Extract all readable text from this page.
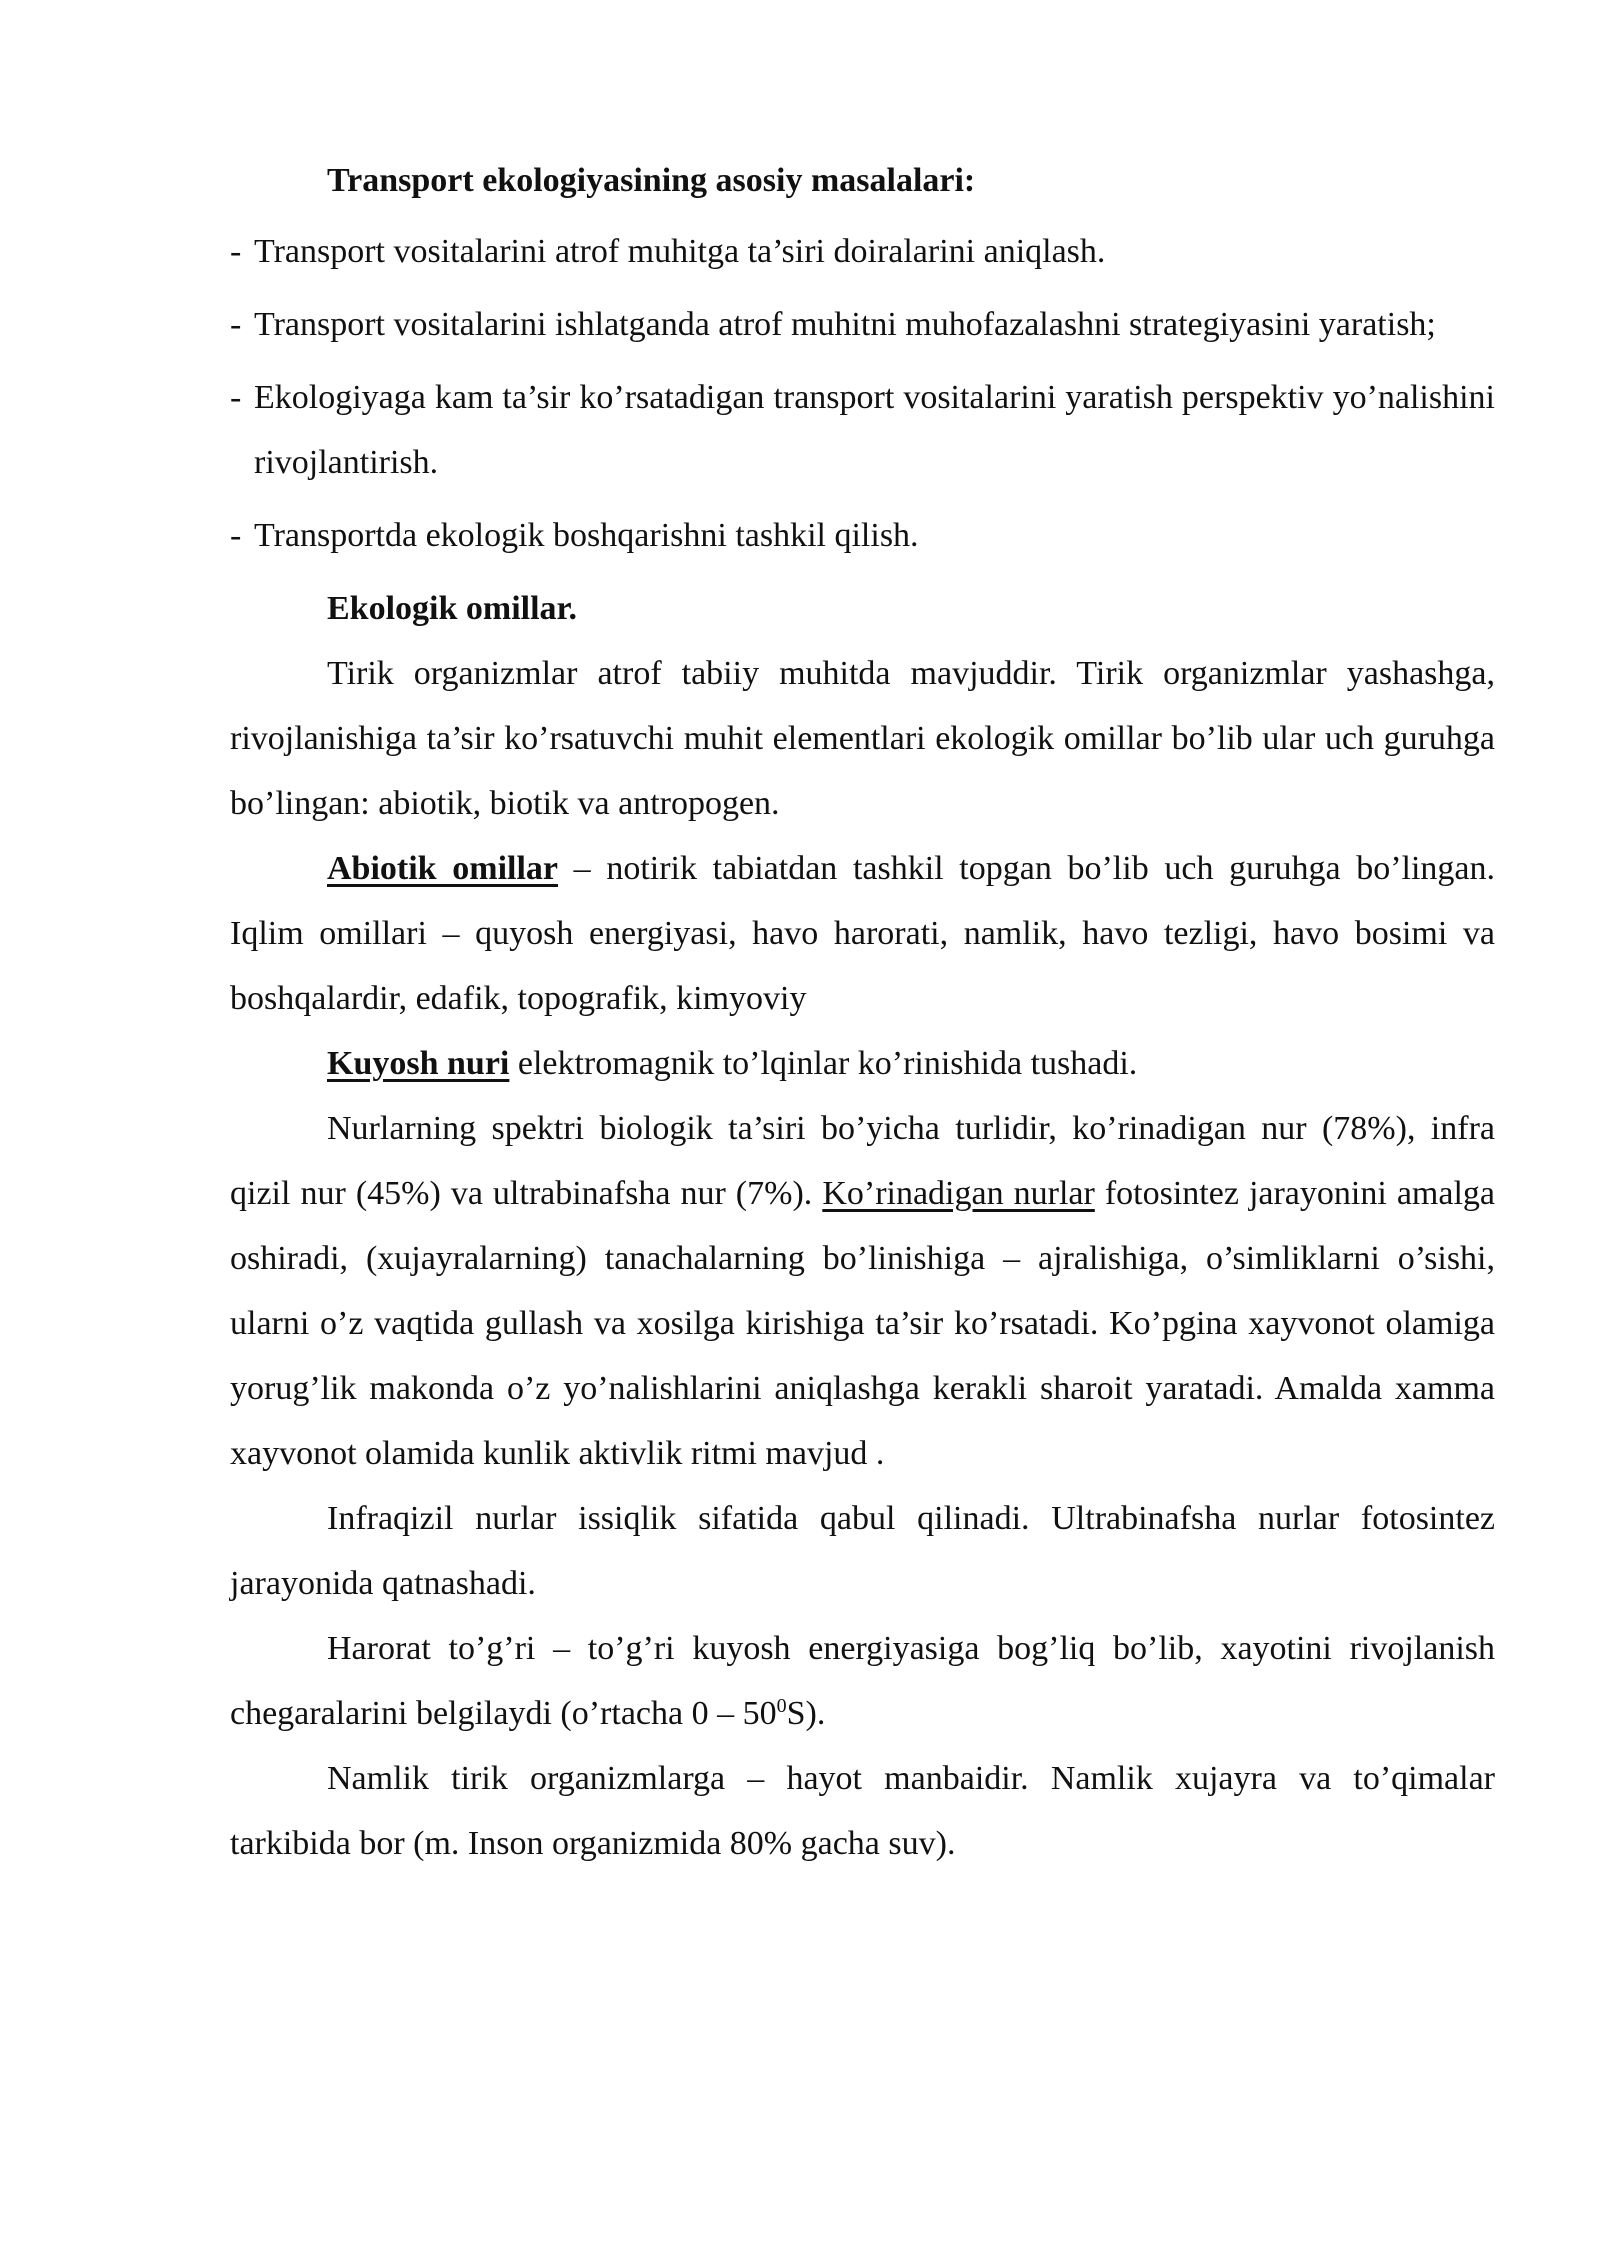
Transport ekologiyasining asosiy masalalari:

- Transport vositalarini atrof muhitga ta’siri doiralarini aniqlash.
- Transport vositalarini ishlatganda atrof muhitni muhofazalashni strategiyasini yaratish;
- Ekologiyaga kam ta’sir ko’rsatadigan transport vositalarini yaratish perspektiv yo’nalishini rivojlantirish.
- Transportda ekologik boshqarishni tashkil qilish.

Ekologik omillar.

Tirik organizmlar atrof tabiiy muhitda mavjuddir. Tirik organizmlar yashashga, rivojlanishiga ta’sir ko’rsatuvchi muhit elementlari ekologik omillar bo’lib ular uch guruhga bo’lingan: abiotik, biotik va antropogen.

Abiotik omillar – notirik tabiatdan tashkil topgan bo’lib uch guruhga bo’lingan. Iqlim omillari – quyosh energiyasi, havo harorati, namlik, havo tezligi, havo bosimi va boshqalardir, edafik, topografik, kimyoviy

Kuyosh nuri elektromagnik to’lqinlar ko’rinishida tushadi.

Nurlarning spektri biologik ta’siri bo’yicha turlidir, ko’rinadigan nur (78%), infra qizil nur (45%) va ultrabinafsha nur (7%). Ko’rinadigan nurlar fotosintez jarayonini amalga oshiradi, (xujayralarning) tanachalarning bo’linishiga – ajralishiga, o’simliklarni o’sishi, ularni o’z vaqtida gullash va xosilga kirishiga ta’sir ko’rsatadi. Ko’pgina xayvonot olamiga yorug’lik makonda o’z yo’nalishlarini aniqlashga kerakli sharoit yaratadi. Amalda xamma xayvonot olamida kunlik aktivlik ritmi mavjud .

Infraqizil nurlar issiqlik sifatida qabul qilinadi. Ultrabinafsha nurlar fotosintez jarayonida qatnashadi.

Harorat to’g’ri – to’g’ri kuyosh energiyasiga bog’liq bo’lib, xayotini rivojlanish chegaralarini belgilaydi (o’rtacha $0 - 50^0S$).

Namlik tirik organizmlarga – hayot manbaidir. Namlik xujayra va to’qimalar tarkibida bor (m. Inson organizmida 80% gacha suv).
